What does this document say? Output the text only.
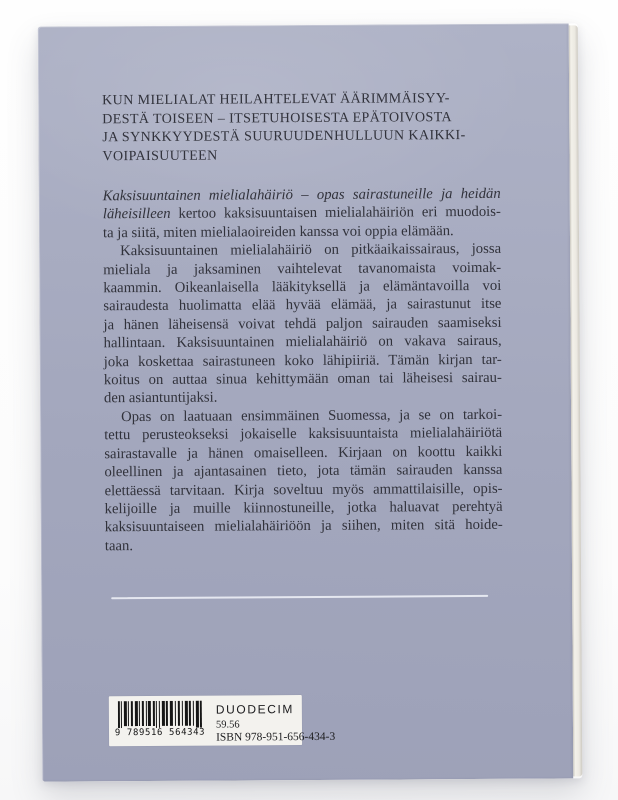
KUN MIELIALAT HEILAHTELEVAT ÄÄRIMMÄISYY-
DESTÄ TOISEEN – ITSETUHOISESTA EPÄTOIVOSTA
JA SYNKKYYDESTÄ SUURUUDENHULLUUN KAIKKI-
VOIPAISUUTEEN
Kaksisuuntainen mielialahäiriö – opas sairastuneille ja heidän
läheisilleen kertoo kaksisuuntaisen mielialahäiriön eri muodois-
ta ja siitä, miten mielialaoireiden kanssa voi oppia elämään.
Kaksisuuntainen mielialahäiriö on pitkäaikaissairaus, jossa
mieliala ja jaksaminen vaihtelevat tavanomaista voimak-
kaammin. Oikeanlaisella lääkityksellä ja elämäntavoilla voi
sairaudesta huolimatta elää hyvää elämää, ja sairastunut itse
ja hänen läheisensä voivat tehdä paljon sairauden saamiseksi
hallintaan. Kaksisuuntainen mielialahäiriö on vakava sairaus,
joka koskettaa sairastuneen koko lähipiiriä. Tämän kirjan tar-
koitus on auttaa sinua kehittymään oman tai läheisesi sairau-
den asiantuntijaksi.
Opas on laatuaan ensimmäinen Suomessa, ja se on tarkoi-
tettu perusteokseksi jokaiselle kaksisuuntaista mielialahäiriötä
sairastavalle ja hänen omaiselleen. Kirjaan on koottu kaikki
oleellinen ja ajantasainen tieto, jota tämän sairauden kanssa
elettäessä tarvitaan. Kirja soveltuu myös ammattilaisille, opis-
kelijoille ja muille kiinnostuneille, jotka haluavat perehtyä
kaksisuuntaiseen mielialahäiriöön ja siihen, miten sitä hoide-
taan.
9 789516 564343
DUODECIM
59.56
ISBN 978-951-656-434-3
